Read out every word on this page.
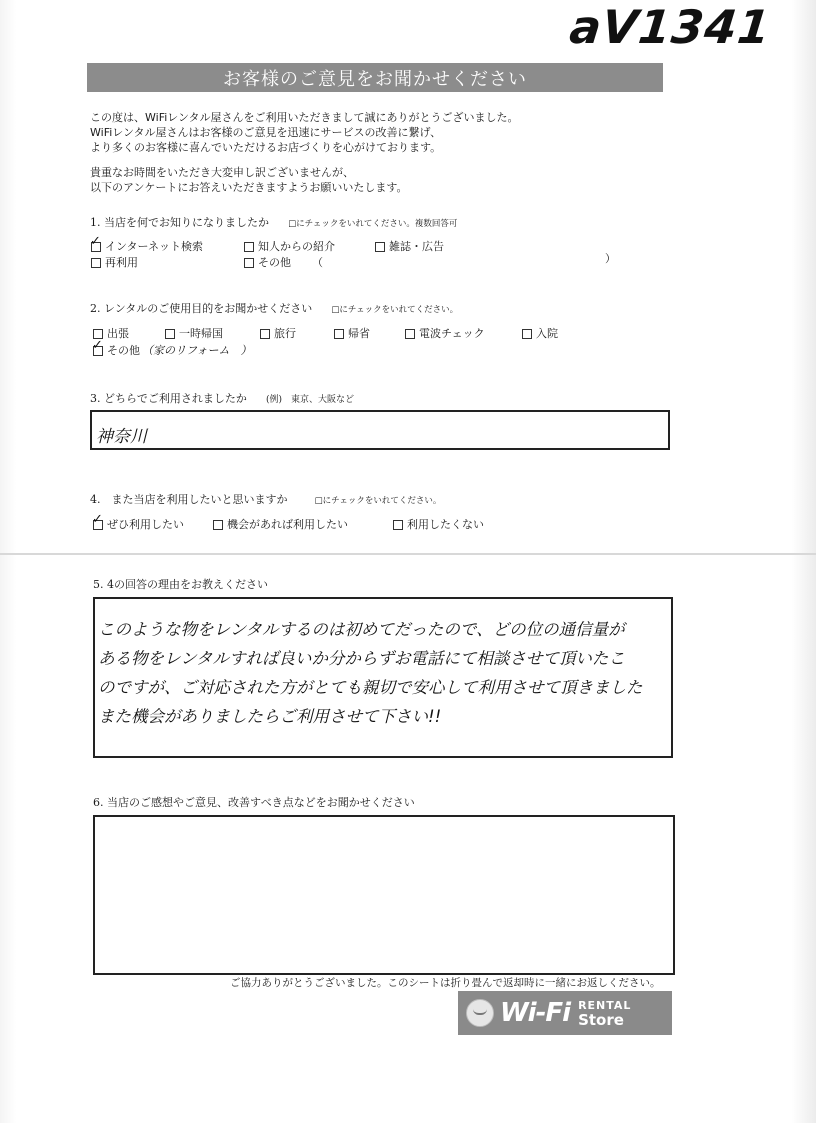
aV1341
お客様のご意見をお聞かせください
この度は、WiFiレンタル屋さんをご利用いただきまして誠にありがとうございました。
WiFiレンタル屋さんはお客様のご意見を迅速にサービスの改善に繋げ、
より多くのお客様に喜んでいただけるお店づくりを心がけております。
貴重なお時間をいただき大変申し訳ございませんが、
以下のアンケートにお答えいただきますようお願いいたします。
1. 当店を何でお知りになりましたか □にチェックをいれてください。複数回答可
✓ インターネット検索	知人からの紹介	雑誌・広告
再利用	その他 （	）
2. レンタルのご使用目的をお聞かせください □にチェックをいれてください。
出張	一時帰国	旅行	帰省	電波チェック	入院
✓ その他 （家のリフォーム　）
3. どちらでご利用されましたか (例)　東京、大阪など
神奈川
4.　また当店を利用したいと思いますか	□にチェックをいれてください。
✓ ぜひ利用したい	機会があれば利用したい	利用したくない
5. 4の回答の理由をお教えください
このような物をレンタルするのは初めてだったので、どの位の通信量が
ある物をレンタルすれば良いか分からずお電話にて相談させて頂いたこ
のですが、ご対応された方がとても親切で安心して利用させて頂きました
また機会がありましたらご利用させて下さい!!
6. 当店のご感想やご意見、改善すべき点などをお聞かせください
ご協力ありがとうございました。このシートは折り畳んで返却時に一緒にお返しください。
Wi-Fi RENTAL
Store
